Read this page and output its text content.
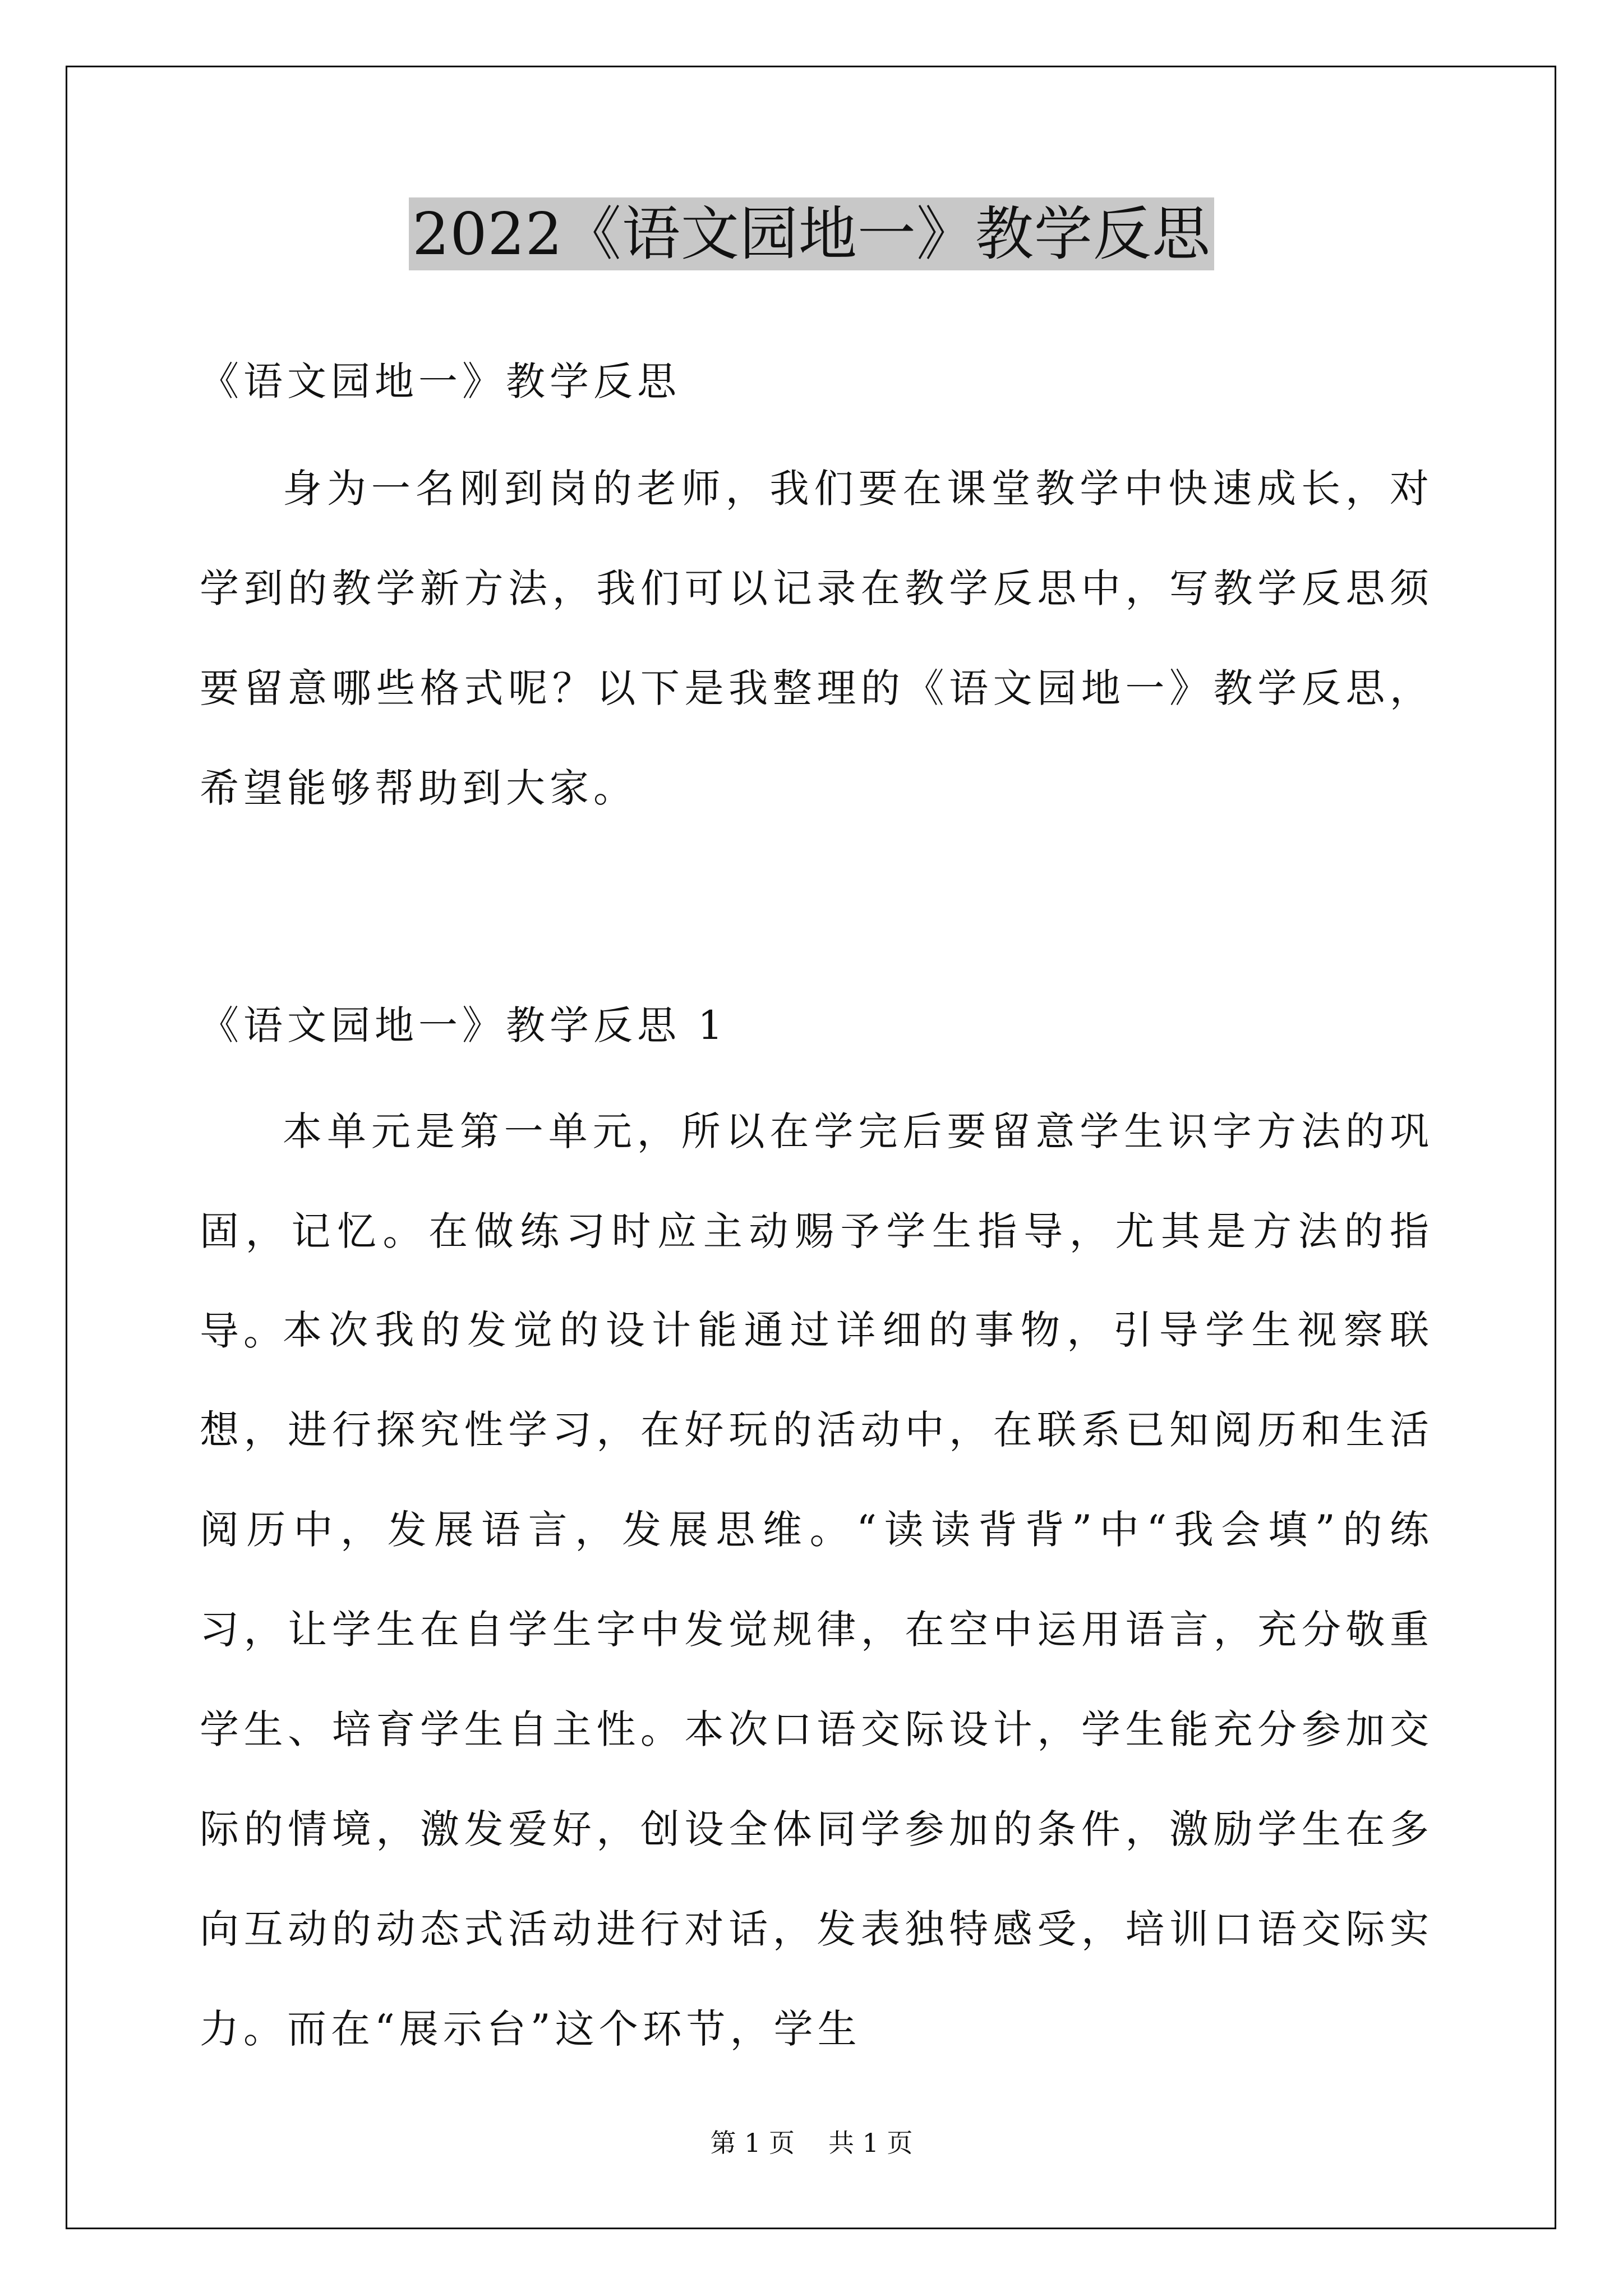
2022《语文园地一》教学反思

《语文园地一》教学反思

身为一名刚到岗的老师，我们要在课堂教学中快速成长，对学到的教学新方法，我们可以记录在教学反思中，写教学反思须要留意哪些格式呢？以下是我整理的《语文园地一》教学反思，希望能够帮助到大家。

《语文园地一》教学反思 1

本单元是第一单元，所以在学完后要留意学生识字方法的巩固，记忆。在做练习时应主动赐予学生指导，尤其是方法的指导。

本次我的发觉的设计能通过详细的事物，引导学生视察联想，进行探究性学习，在好玩的活动中，在联系已知阅历和生活阅历中，发展语言，发展思维。“读读背背”中“我会填”的练习，让学生在自学生字中发觉规律，在空中运用语言，充分敬重学生、培育学生自主性。本次口语交际设计，学生能充分参加交际的情境，激发爱好，创设全体同学参加的条件，激励学生在多向互动的动态式活动进行对话，发表独特感受，培训口语交际实力。而在“展示台”这个环节，学生

第 1 页 共 1 页
